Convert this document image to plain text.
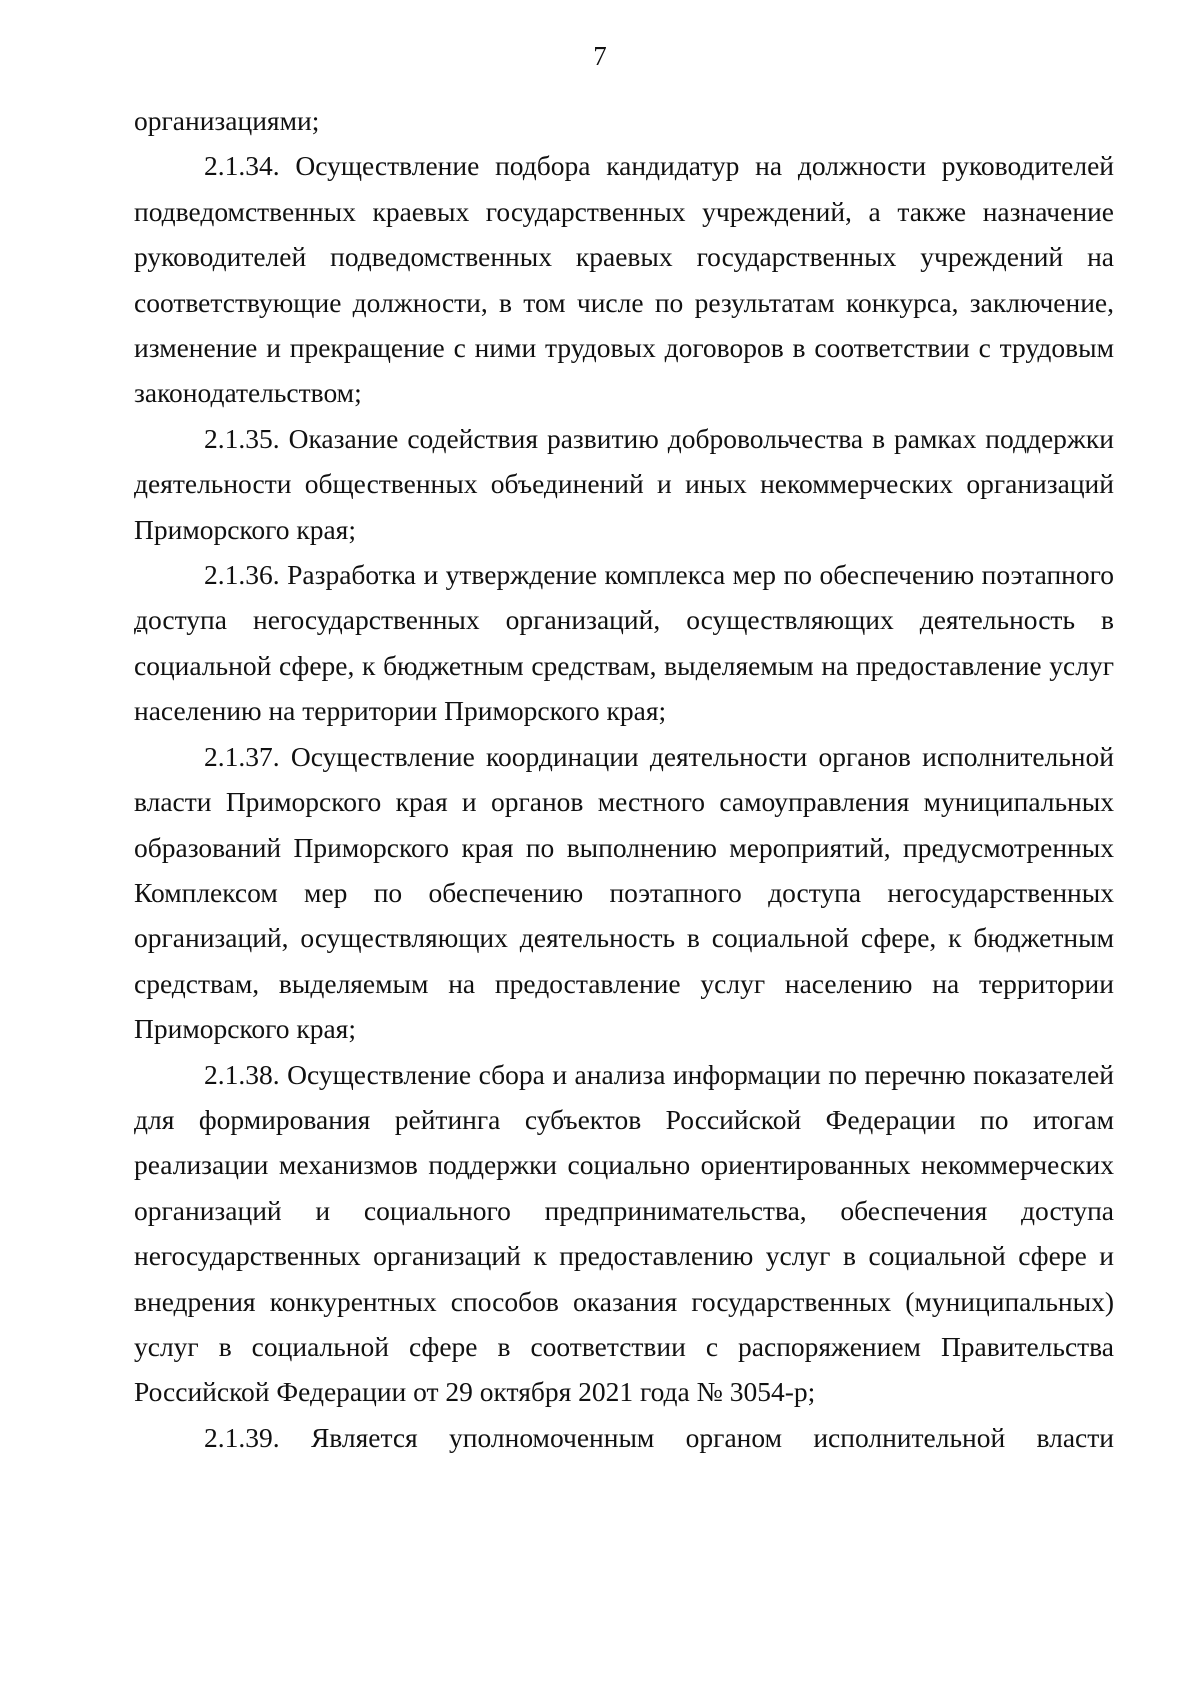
7

организациями;

2.1.34. Осуществление подбора кандидатур на должности руководителей подведомственных краевых государственных учреждений, а также назначение руководителей подведомственных краевых государственных учреждений на соответствующие должности, в том числе по результатам конкурса, заключение, изменение и прекращение с ними трудовых договоров в соответствии с трудовым законодательством;

2.1.35. Оказание содействия развитию добровольчества в рамках поддержки деятельности общественных объединений и иных некоммерческих организаций Приморского края;

2.1.36. Разработка и утверждение комплекса мер по обеспечению поэтапного доступа негосударственных организаций, осуществляющих деятельность в социальной сфере, к бюджетным средствам, выделяемым на предоставление услуг населению на территории Приморского края;

2.1.37. Осуществление координации деятельности органов исполнительной власти Приморского края и органов местного самоуправления муниципальных образований Приморского края по выполнению мероприятий, предусмотренных Комплексом мер по обеспечению поэтапного доступа негосударственных организаций, осуществляющих деятельность в социальной сфере, к бюджетным средствам, выделяемым на предоставление услуг населению на территории Приморского края;

2.1.38. Осуществление сбора и анализа информации по перечню показателей для формирования рейтинга субъектов Российской Федерации по итогам реализации механизмов поддержки социально ориентированных некоммерческих организаций и социального предпринимательства, обеспечения доступа негосударственных организаций к предоставлению услуг в социальной сфере и внедрения конкурентных способов оказания государственных (муниципальных) услуг в социальной сфере в соответствии с распоряжением Правительства Российской Федерации от 29 октября 2021 года № 3054-р;

2.1.39. Является уполномоченным органом исполнительной власти
